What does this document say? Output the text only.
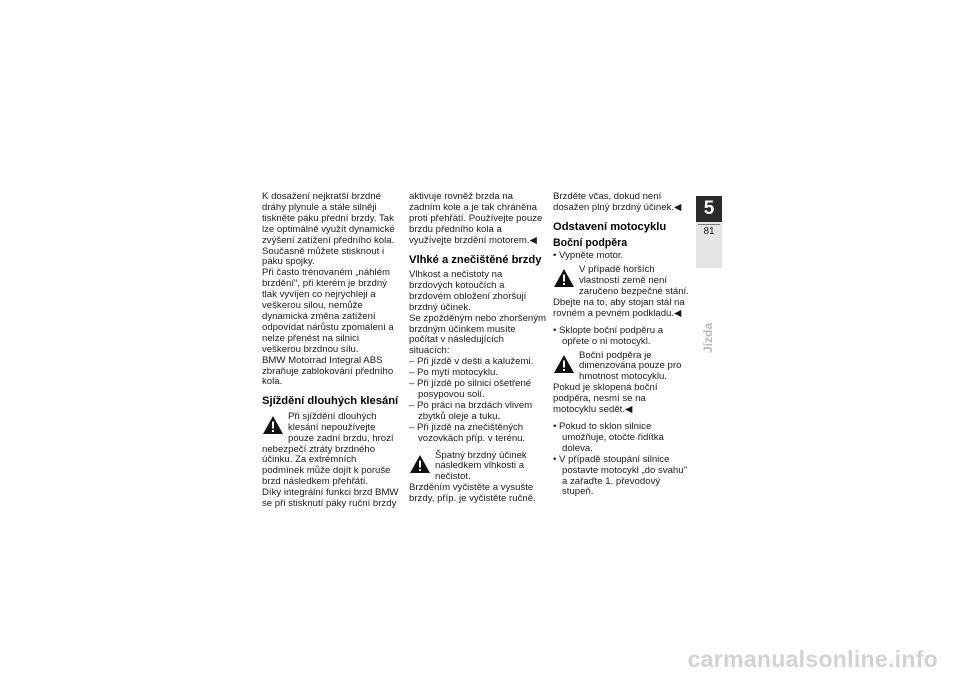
K dosažení nejkratší brzdné dráhy plynule a stále silněji tiskněte páku přední brzdy. Tak lze optimálně využít dynamické zvýšení zatížení předního kola. Současně můžete stisknout i páku spojky.

Při často trénovaném „náhlém brzdění", při kterém je brzdný tlak vyvíjen co nejrychleji a veškerou silou, nemůže dynamická změna zatížení odpovídat nárůstu zpomalení a nelze přenést na silnici veškerou brzdnou sílu.

BMW Motorrad Integral ABS zbraňuje zablokování předního kola.

Sjíždění dlouhých klesání

Při sjíždění dlouhých klesání nepoužívejte pouze zadní brzdu, hrozí nebezpečí ztráty brzdného účinku. Za extrémních podmínek může dojít k poruše brzd následkem přehřátí.

Díky integrální funkci brzd BMW se při stisknutí páky ruční brzdy

aktivuje rovněž brzda na zadním kole a je tak chráněna proti přehřátí. Používejte pouze brzdu předního kola a využívejte brzdění motorem.◀

Vlhké a znečištěné brzdy

Vlhkost a nečistoty na brzdových kotoučích a brzdovém obložení zhoršují brzdný účinek.

Se zpožděným nebo zhoršeným brzdným účinkem musíte počítat v následujících situacích:

– Při jízdě v dešti a kalužemi.

– Po mytí motocyklu.

– Při jízdě po silnici ošetřené posypovou solí.

– Po práci na brzdách vlivem zbytků oleje a tuku.

– Při jízdě na znečištěných vozovkách příp. v terénu.

Špatný brzdný účinek následkem vlhkosti a nečistot.

Brzděním vyčistěte a vysušte brzdy, příp. je vyčistěte ručně.

Brzděte včas, dokud není dosažen plný brzdný účinek.◀

Odstavení motocyklu
Boční podpěra

• Vypněte motor.

V případě horších vlastností země není zaručeno bezpečné stání.

Dbejte na to, aby stojan stál na rovném a pevném podkladu.◀

• Sklopte boční podpěru a opřete o ni motocykl.

Boční podpěra je dimenzována pouze pro hmotnost motocyklu.

Pokud je sklopená boční podpěra, nesmí se na motocyklu sedět.◀

• Pokud to sklon silnice umožňuje, otočte řidítka doleva.

• V případě stoupání silnice postavte motocykl „do svahu" a zařaďte 1. převodový stupeň.

5
81
Jízda
carmanualsonline.info
